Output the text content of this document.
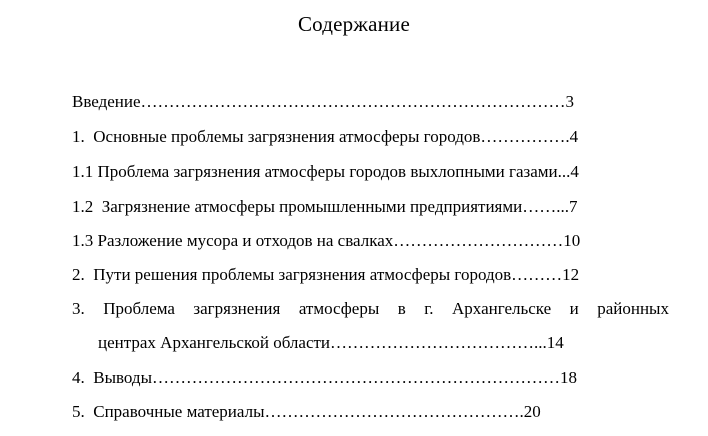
Содержание
Введение…………………………………………………………………3
1.  Основные проблемы загрязнения атмосферы городов…………….4
1.1 Проблема загрязнения атмосферы городов выхлопными газами...4
1.2  Загрязнение атмосферы промышленными предприятиями……...7
1.3 Разложение мусора и отходов на свалках…………………………10
2.  Пути решения проблемы загрязнения атмосферы городов………12
3. Проблема загрязнения атмосферы в г. Архангельске и районных
центрах Архангельской области………………………………...14
4.  Выводы………………………………………………………………18
5.  Справочные материалы……………………………………….20
